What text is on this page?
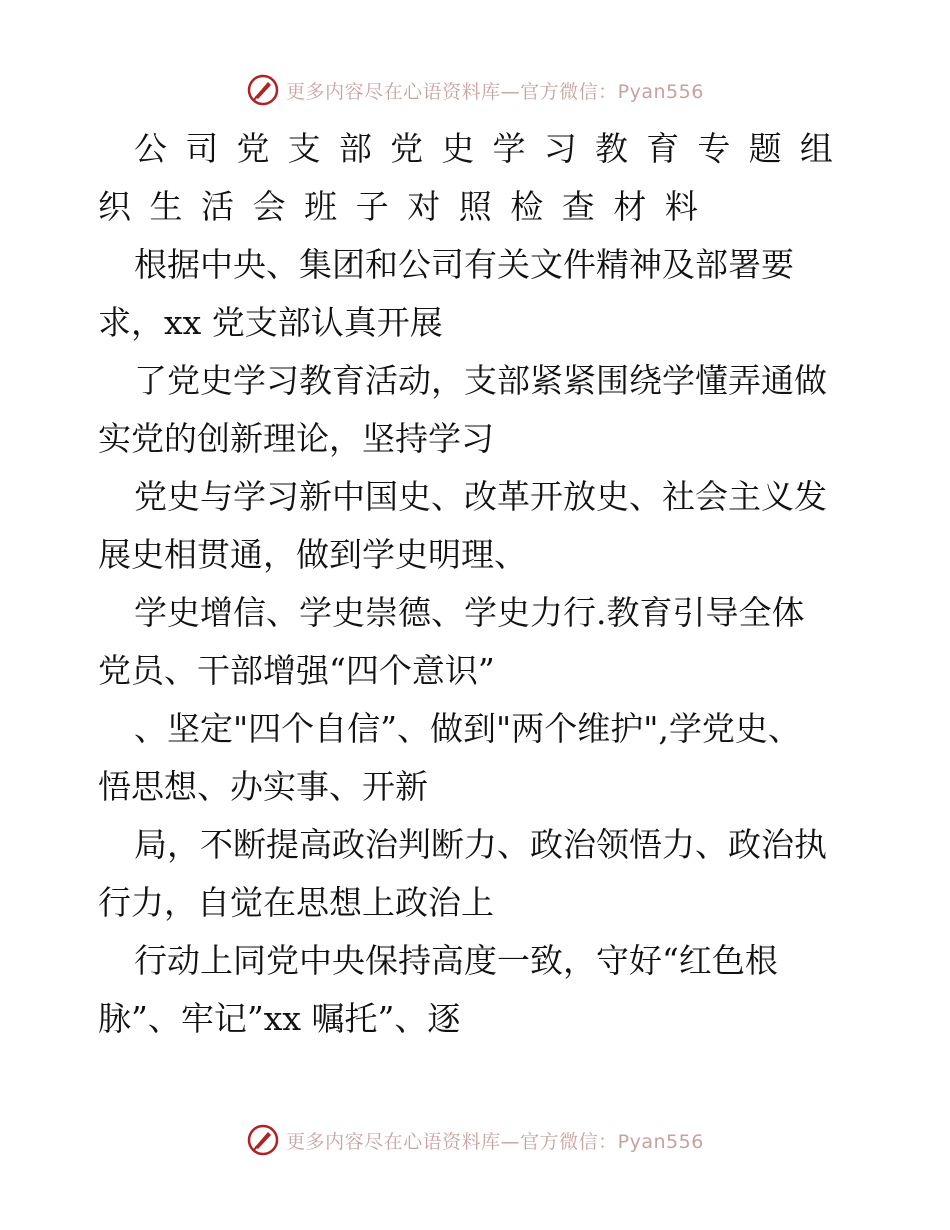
更多内容尽在心语资料库—官方微信：Pyan556
公 司 党 支 部 党 史 学 习 教 育 专 题 组
织 生 活 会 班 子 对 照 检 查 材 料
根据中央、集团和公司有关文件精神及部署要
求，xx 党支部认真开展
了党史学习教育活动，支部紧紧围绕学懂弄通做
实党的创新理论，坚持学习
党史与学习新中国史、改革开放史、社会主义发
展史相贯通，做到学史明理、
学史增信、学史崇德、学史力行.教育引导全体
党员、干部增强“四个意识”
、坚定"四个自信”、做到"两个维护",学党史、
悟思想、办实事、开新
局，不断提高政治判断力、政治领悟力、政治执
行力，自觉在思想上政治上
行动上同党中央保持高度一致，守好“红色根
脉”、牢记”xx 嘱托”、逐
更多内容尽在心语资料库—官方微信：Pyan556
